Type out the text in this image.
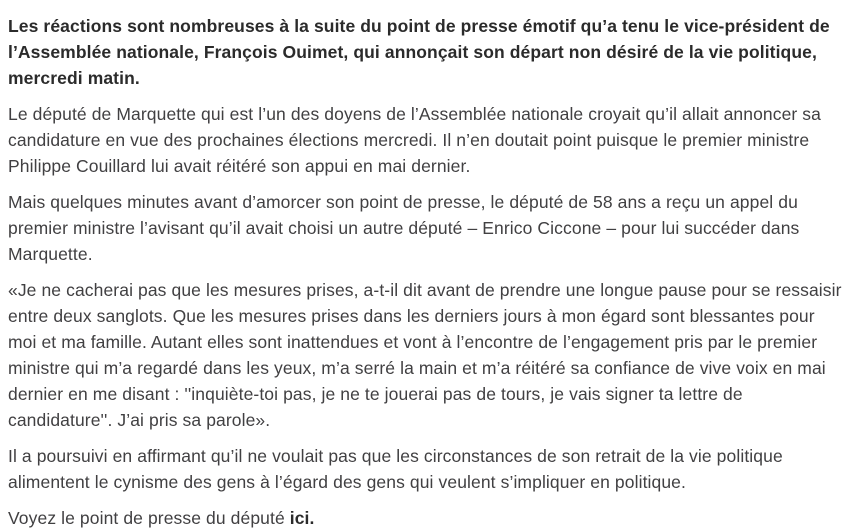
Les réactions sont nombreuses à la suite du point de presse émotif qu’a tenu le vice-président de l’Assemblée nationale, François Ouimet, qui annonçait son départ non désiré de la vie politique, mercredi matin.

Le député de Marquette qui est l’un des doyens de l’Assemblée nationale croyait qu’il allait annoncer sa candidature en vue des prochaines élections mercredi. Il n’en doutait point puisque le premier ministre Philippe Couillard lui avait réitéré son appui en mai dernier.

Mais quelques minutes avant d’amorcer son point de presse, le député de 58 ans a reçu un appel du premier ministre l’avisant qu’il avait choisi un autre député – Enrico Ciccone – pour lui succéder dans Marquette.

«Je ne cacherai pas que les mesures prises, a-t-il dit avant de prendre une longue pause pour se ressaisir entre deux sanglots. Que les mesures prises dans les derniers jours à mon égard sont blessantes pour moi et ma famille. Autant elles sont inattendues et vont à l’encontre de l’engagement pris par le premier ministre qui m’a regardé dans les yeux, m’a serré la main et m’a réitéré sa confiance de vive voix en mai dernier en me disant : ''inquiète-toi pas, je ne te jouerai pas de tours, je vais signer ta lettre de candidature''. J’ai pris sa parole».

Il a poursuivi en affirmant qu’il ne voulait pas que les circonstances de son retrait de la vie politique alimentent le cynisme des gens à l’égard des gens qui veulent s’impliquer en politique.

Voyez le point de presse du député ici.
